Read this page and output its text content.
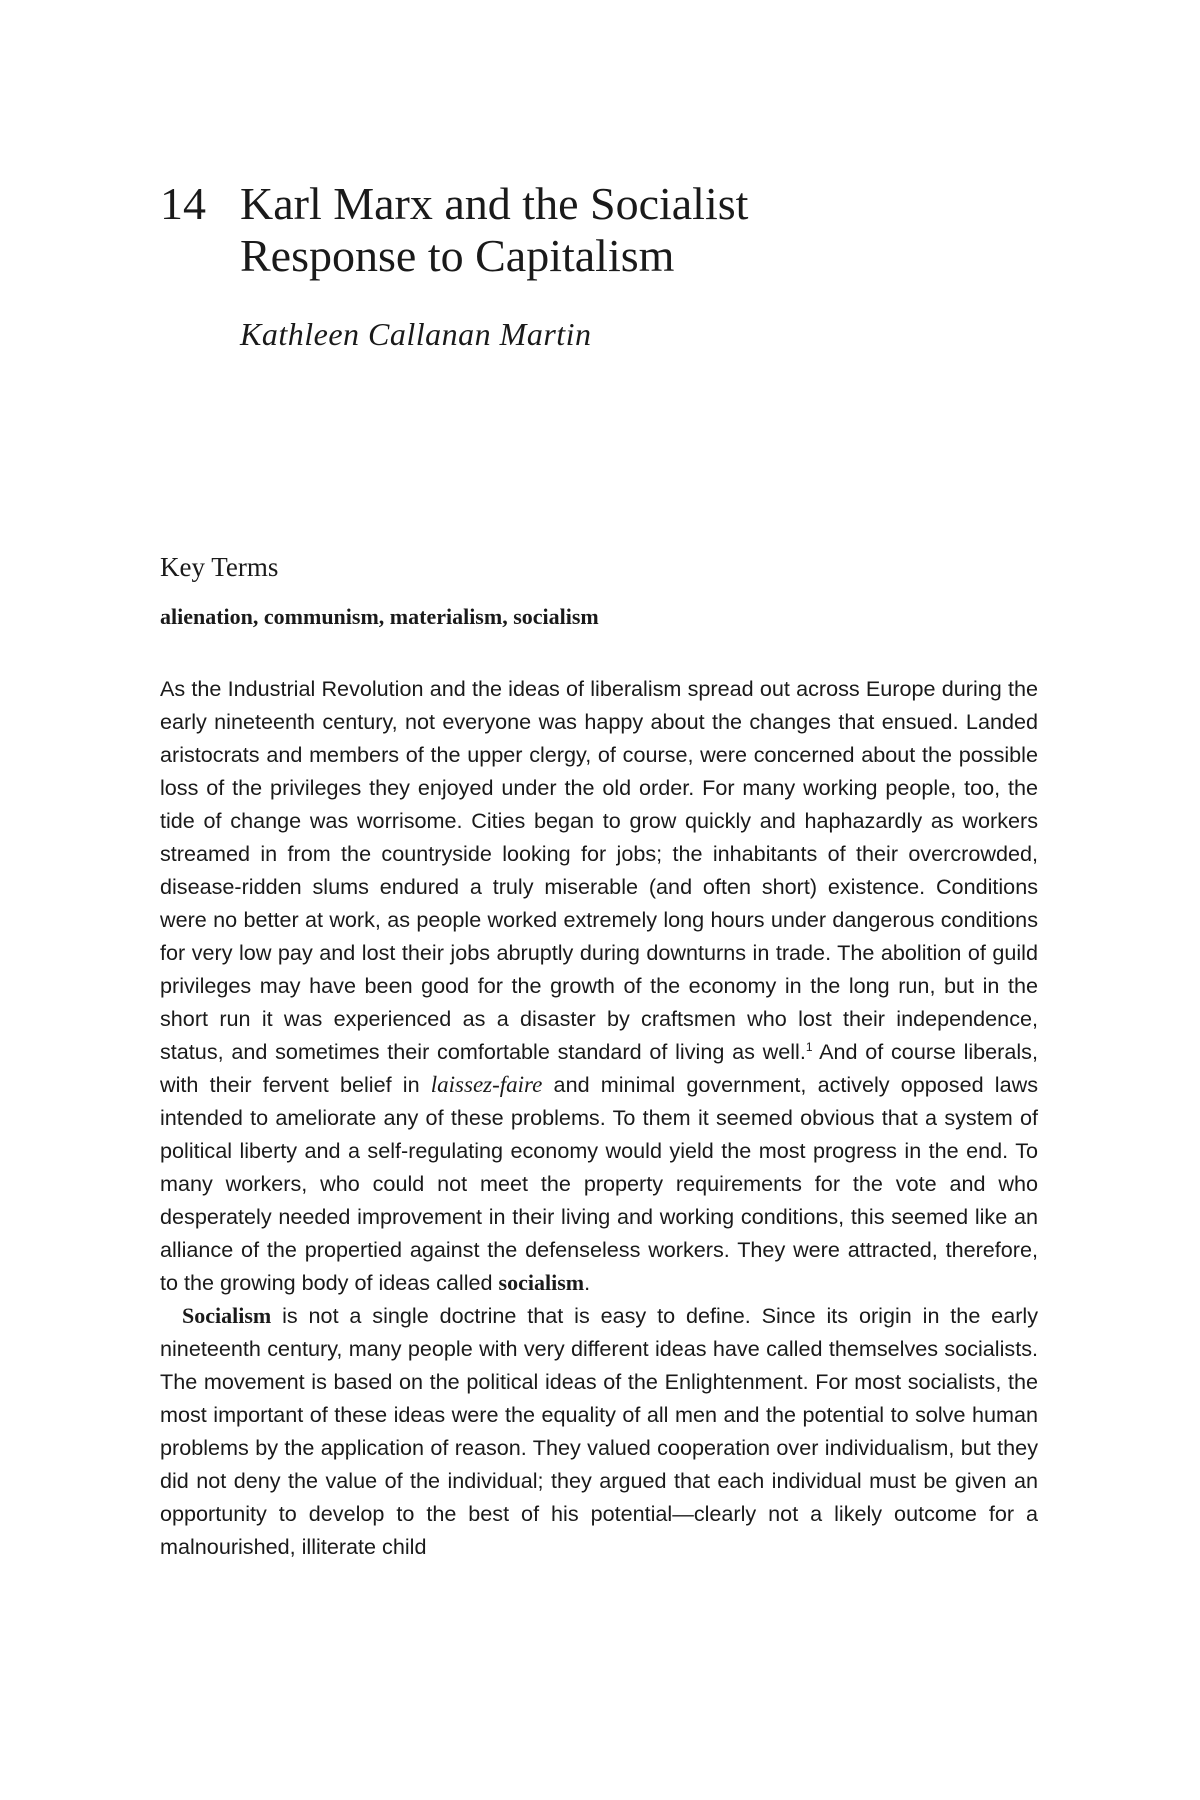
14 Karl Marx and the Socialist
Response to Capitalism
Kathleen Callanan Martin
Key Terms

alienation, communism, materialism, socialism

As the Industrial Revolution and the ideas of liberalism spread out across Europe during the early nineteenth century, not everyone was happy about the changes that ensued. Landed aristocrats and members of the upper clergy, of course, were concerned about the possible loss of the privileges they enjoyed under the old order. For many working people, too, the tide of change was worrisome. Cities began to grow quickly and haphazardly as workers streamed in from the countryside looking for jobs; the inhabitants of their overcrowded, disease-ridden slums endured a truly miserable (and often short) existence. Conditions were no better at work, as people worked extremely long hours under dangerous conditions for very low pay and lost their jobs abruptly during downturns in trade. The abolition of guild privileges may have been good for the growth of the economy in the long run, but in the short run it was experienced as a disaster by craftsmen who lost their independence, status, and sometimes their comfortable standard of living as well.$^1$ And of course liberals, with their fervent belief in laissez-faire and minimal government, actively opposed laws intended to ameliorate any of these problems. To them it seemed obvious that a system of political liberty and a self-regulating economy would yield the most progress in the end. To many workers, who could not meet the property requirements for the vote and who desperately needed improvement in their living and working conditions, this seemed like an alliance of the propertied against the defenseless workers. They were attracted, therefore, to the growing body of ideas called socialism.

Socialism is not a single doctrine that is easy to define. Since its origin in the early nineteenth century, many people with very different ideas have called themselves socialists. The movement is based on the political ideas of the Enlightenment. For most socialists, the most important of these ideas were the equality of all men and the potential to solve human problems by the application of reason. They valued cooperation over individualism, but they did not deny the value of the individual; they argued that each individual must be given an opportunity to develop to the best of his potential—clearly not a likely outcome for a malnourished, illiterate child
